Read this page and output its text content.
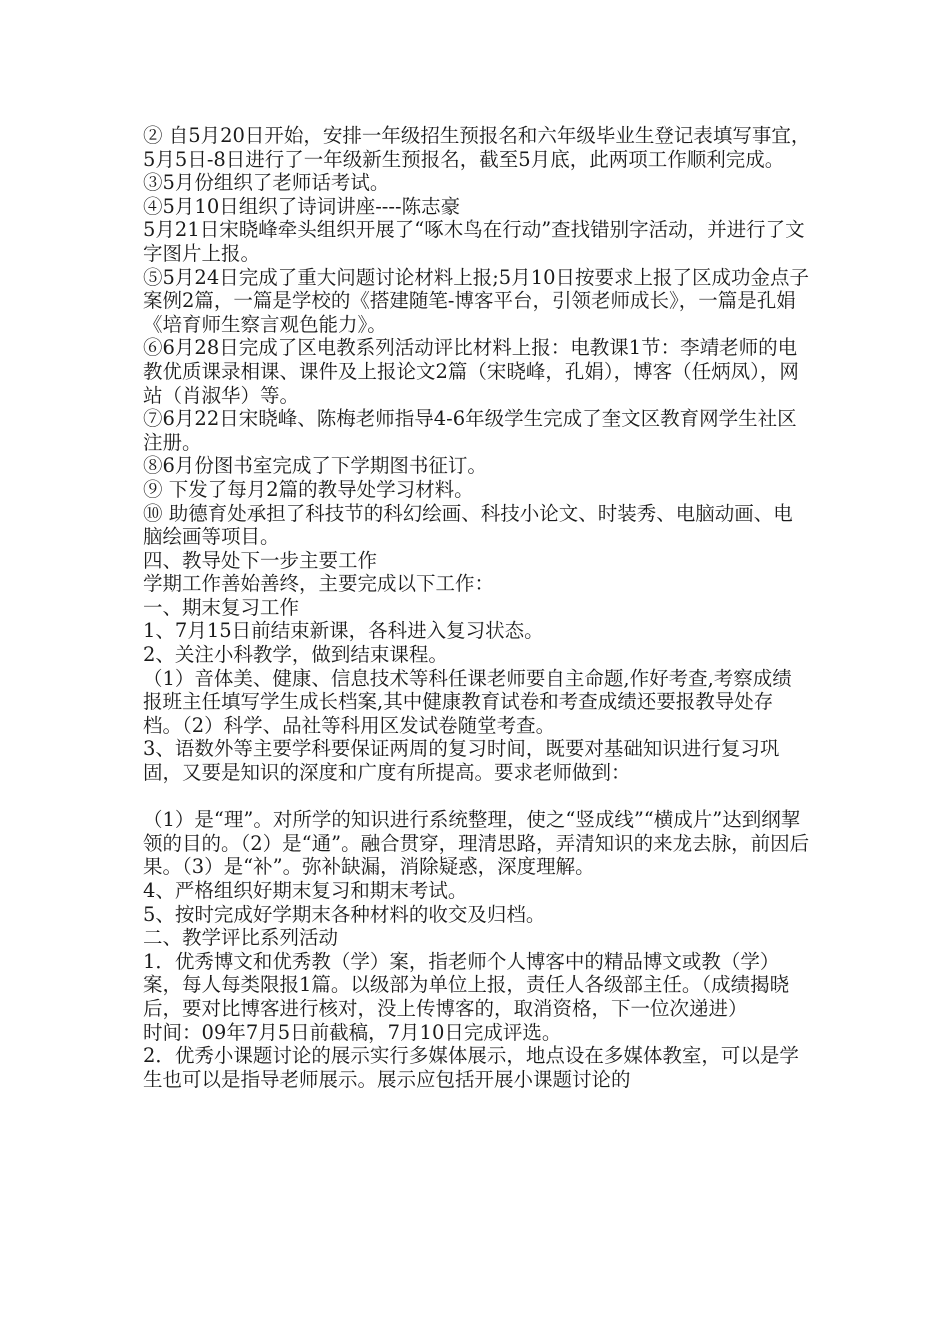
② 自5月20日开始，安排一年级招生预报名和六年级毕业生登记表填写事宜，5月5日-8日进行了一年级新生预报名，截至5月底，此两项工作顺利完成。

③5月份组织了老师话考试。

④5月10日组织了诗词讲座----陈志豪

5月21日宋晓峰牵头组织开展了“啄木鸟在行动”查找错别字活动，并进行了文字图片上报。

⑤5月24日完成了重大问题讨论材料上报;5月10日按要求上报了区成功金点子案例2篇，一篇是学校的《搭建随笔-博客平台，引领老师成长》，一篇是孔娟《培育师生察言观色能力》。

⑥6月28日完成了区电教系列活动评比材料上报：电教课1节：李靖老师的电教优质课录相课、课件及上报论文2篇（宋晓峰，孔娟），博客（任炳凤），网站（肖淑华）等。

⑦6月22日宋晓峰、陈梅老师指导4-6年级学生完成了奎文区教育网学生社区注册。

⑧6月份图书室完成了下学期图书征订。

⑨ 下发了每月2篇的教导处学习材料。

⑩ 助德育处承担了科技节的科幻绘画、科技小论文、时装秀、电脑动画、电脑绘画等项目。

四、教导处下一步主要工作

学期工作善始善终，主要完成以下工作：

一、期末复习工作

1、7月15日前结束新课，各科进入复习状态。

2、关注小科教学，做到结束课程。

（1）音体美、健康、信息技术等科任课老师要自主命题,作好考查,考察成绩报班主任填写学生成长档案,其中健康教育试卷和考查成绩还要报教导处存档。（2）科学、品社等科用区发试卷随堂考查。

3、语数外等主要学科要保证两周的复习时间，既要对基础知识进行复习巩固，又要是知识的深度和广度有所提高。要求老师做到：

（1）是“理”。对所学的知识进行系统整理，使之“竖成线”“横成片”达到纲挈领的目的。（2）是“通”。融合贯穿，理清思路，弄清知识的来龙去脉，前因后果。（3）是“补”。弥补缺漏，消除疑惑，深度理解。

4、严格组织好期末复习和期末考试。

5、按时完成好学期末各种材料的收交及归档。

二、教学评比系列活动

1．优秀博文和优秀教（学）案，指老师个人博客中的精品博文或教（学）案，每人每类限报1篇。以级部为单位上报，责任人各级部主任。（成绩揭晓后，要对比博客进行核对，没上传博客的，取消资格，下一位次递进）

时间：09年7月5日前截稿，7月10日完成评选。

2．优秀小课题讨论的展示实行多媒体展示，地点设在多媒体教室，可以是学生也可以是指导老师展示。展示应包括开展小课题讨论的
